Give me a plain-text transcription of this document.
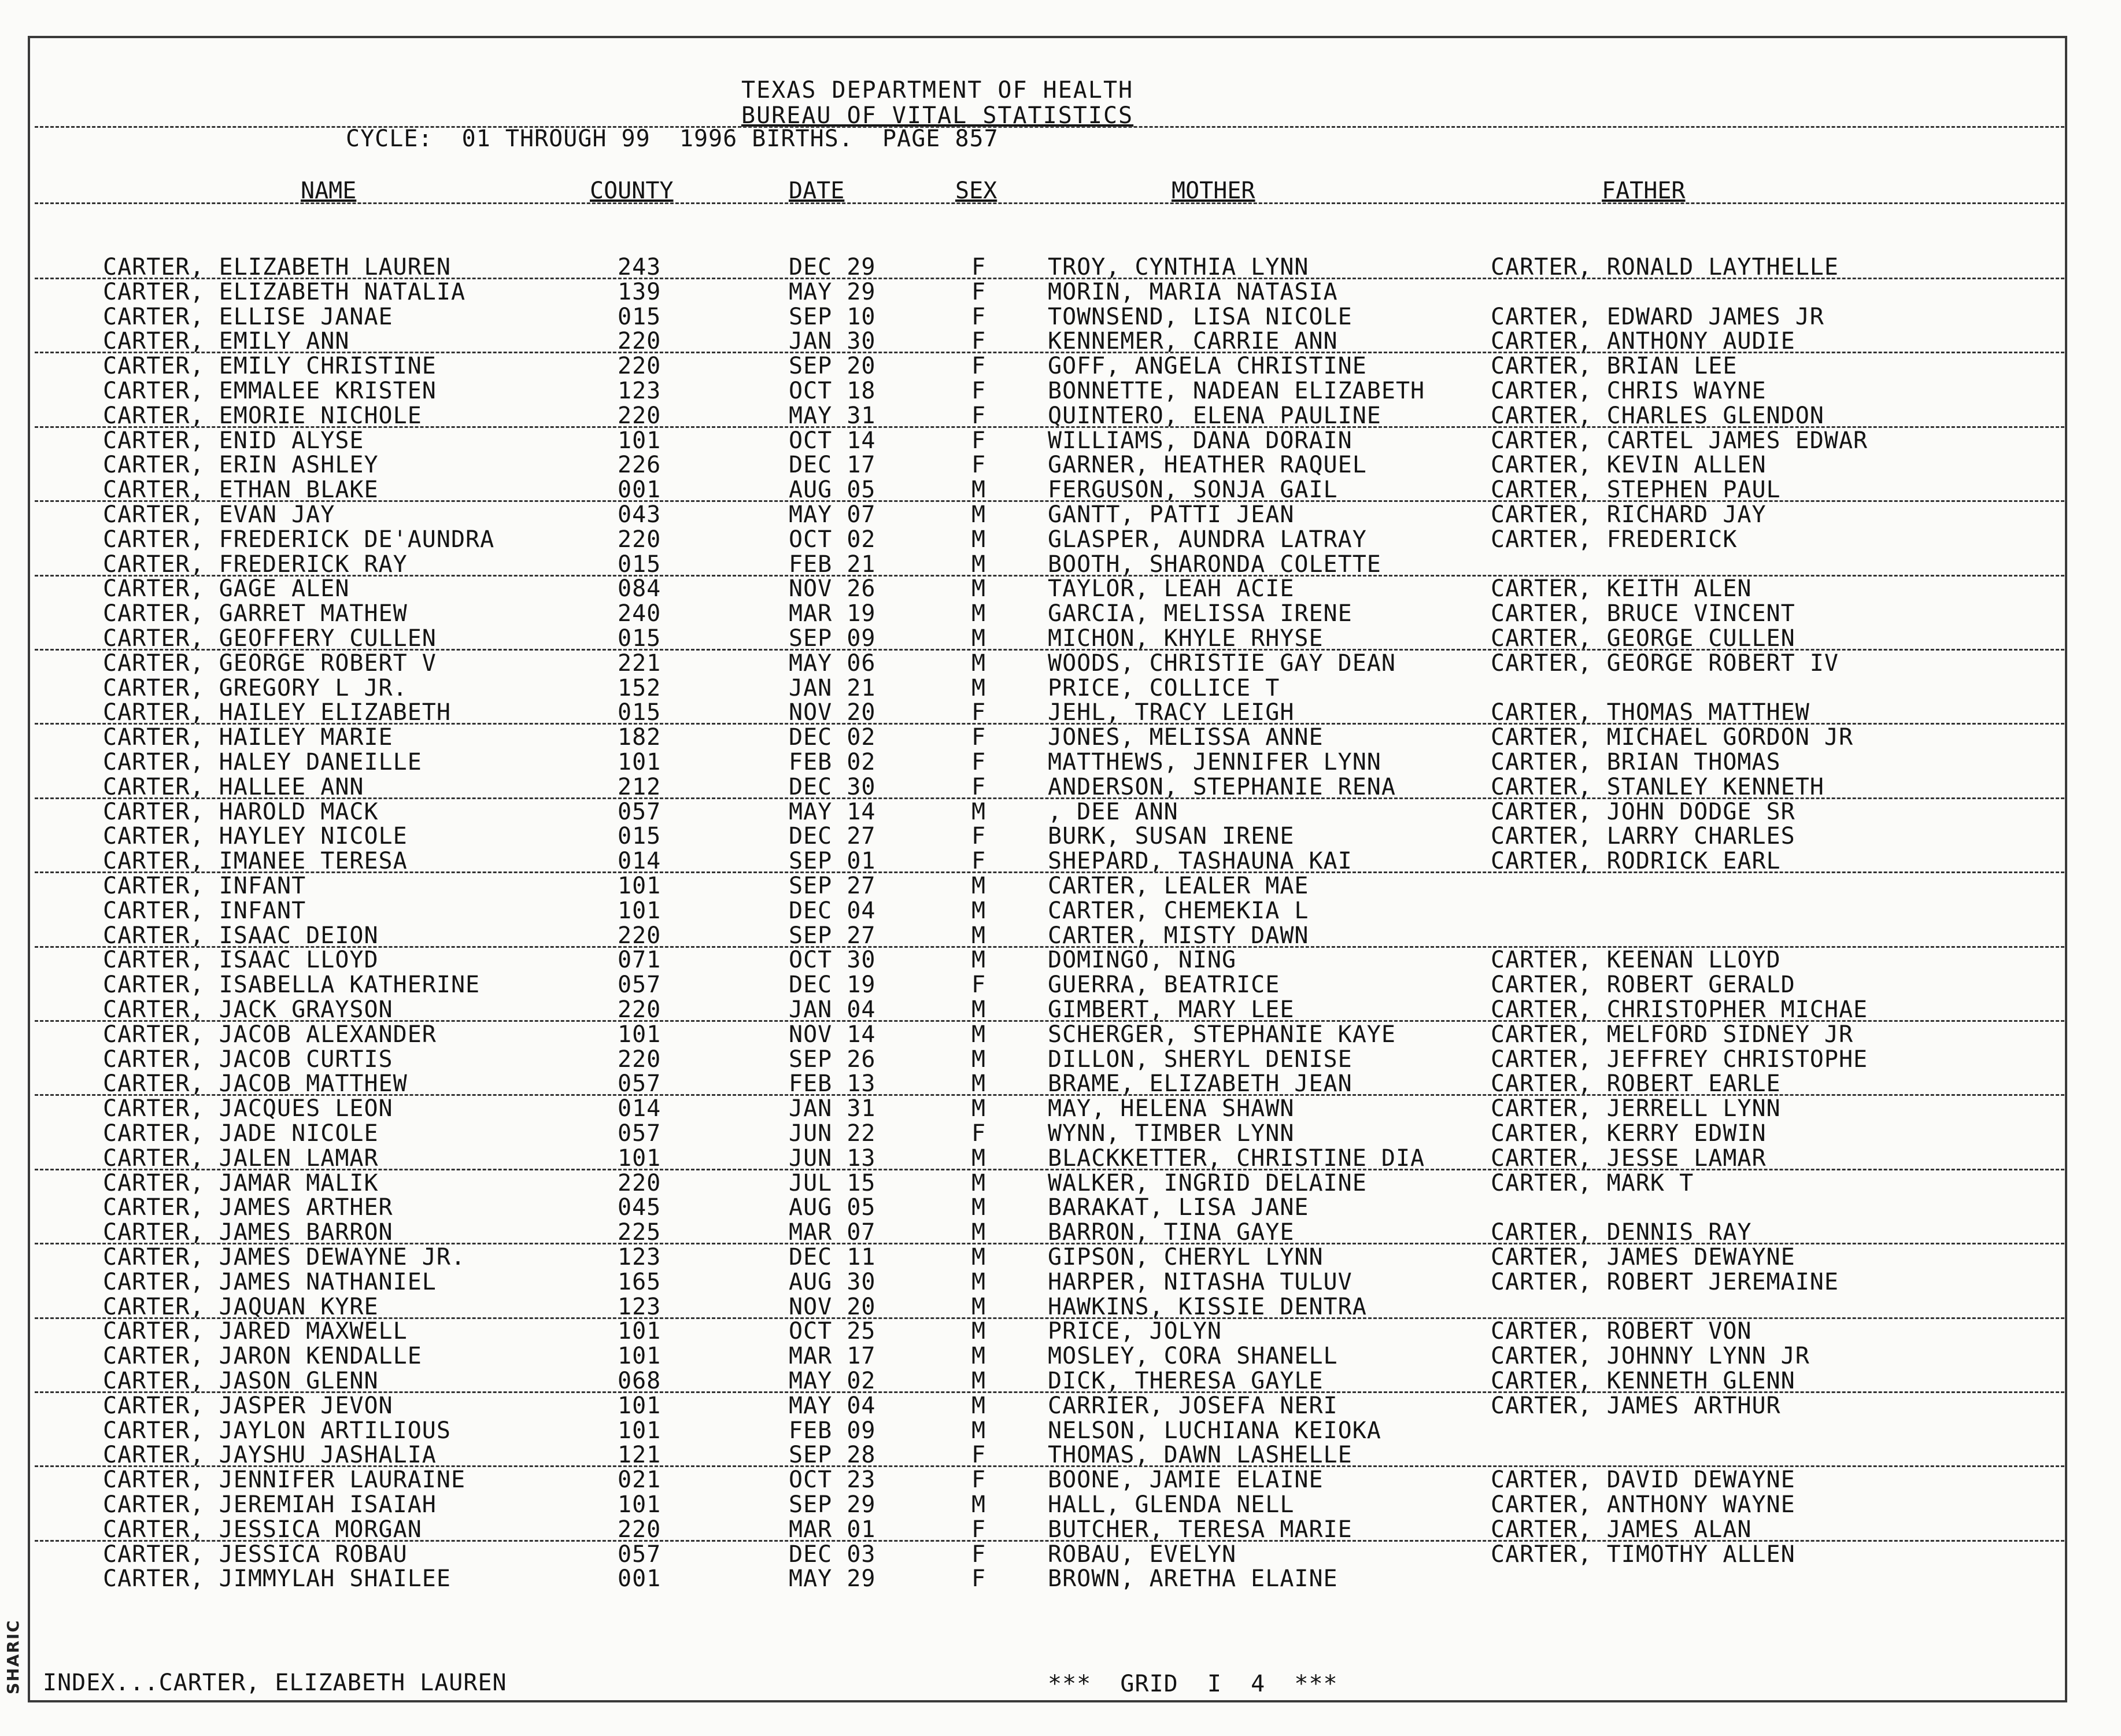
SHARIC
TEXAS DEPARTMENT OF HEALTH
BUREAU OF VITAL STATISTICS
CYCLE:  01 THROUGH 99  1996 BIRTHS.  PAGE 857
NAME	COUNTY	DATE	SEX	MOTHER	FATHER
CARTER, ELIZABETH LAUREN	243	DEC 29	F	TROY, CYNTHIA LYNN	CARTER, RONALD LAYTHELLE
CARTER, ELIZABETH NATALIA	139	MAY 29	F	MORIN, MARIA NATASIA
CARTER, ELLISE JANAE	015	SEP 10	F	TOWNSEND, LISA NICOLE	CARTER, EDWARD JAMES JR
CARTER, EMILY ANN	220	JAN 30	F	KENNEMER, CARRIE ANN	CARTER, ANTHONY AUDIE
CARTER, EMILY CHRISTINE	220	SEP 20	F	GOFF, ANGELA CHRISTINE	CARTER, BRIAN LEE
CARTER, EMMALEE KRISTEN	123	OCT 18	F	BONNETTE, NADEAN ELIZABETH	CARTER, CHRIS WAYNE
CARTER, EMORIE NICHOLE	220	MAY 31	F	QUINTERO, ELENA PAULINE	CARTER, CHARLES GLENDON
CARTER, ENID ALYSE	101	OCT 14	F	WILLIAMS, DANA DORAIN	CARTER, CARTEL JAMES EDWAR
CARTER, ERIN ASHLEY	226	DEC 17	F	GARNER, HEATHER RAQUEL	CARTER, KEVIN ALLEN
CARTER, ETHAN BLAKE	001	AUG 05	M	FERGUSON, SONJA GAIL	CARTER, STEPHEN PAUL
CARTER, EVAN JAY	043	MAY 07	M	GANTT, PATTI JEAN	CARTER, RICHARD JAY
CARTER, FREDERICK DE'AUNDRA	220	OCT 02	M	GLASPER, AUNDRA LATRAY	CARTER, FREDERICK
CARTER, FREDERICK RAY	015	FEB 21	M	BOOTH, SHARONDA COLETTE
CARTER, GAGE ALEN	084	NOV 26	M	TAYLOR, LEAH ACIE	CARTER, KEITH ALEN
CARTER, GARRET MATHEW	240	MAR 19	M	GARCIA, MELISSA IRENE	CARTER, BRUCE VINCENT
CARTER, GEOFFERY CULLEN	015	SEP 09	M	MICHON, KHYLE RHYSE	CARTER, GEORGE CULLEN
CARTER, GEORGE ROBERT V	221	MAY 06	M	WOODS, CHRISTIE GAY DEAN	CARTER, GEORGE ROBERT IV
CARTER, GREGORY L JR.	152	JAN 21	M	PRICE, COLLICE T
CARTER, HAILEY ELIZABETH	015	NOV 20	F	JEHL, TRACY LEIGH	CARTER, THOMAS MATTHEW
CARTER, HAILEY MARIE	182	DEC 02	F	JONES, MELISSA ANNE	CARTER, MICHAEL GORDON JR
CARTER, HALEY DANEILLE	101	FEB 02	F	MATTHEWS, JENNIFER LYNN	CARTER, BRIAN THOMAS
CARTER, HALLEE ANN	212	DEC 30	F	ANDERSON, STEPHANIE RENA	CARTER, STANLEY KENNETH
CARTER, HAROLD MACK	057	MAY 14	M	, DEE ANN	CARTER, JOHN DODGE SR
CARTER, HAYLEY NICOLE	015	DEC 27	F	BURK, SUSAN IRENE	CARTER, LARRY CHARLES
CARTER, IMANEE TERESA	014	SEP 01	F	SHEPARD, TASHAUNA KAI	CARTER, RODRICK EARL
CARTER, INFANT	101	SEP 27	M	CARTER, LEALER MAE
CARTER, INFANT	101	DEC 04	M	CARTER, CHEMEKIA L
CARTER, ISAAC DEION	220	SEP 27	M	CARTER, MISTY DAWN
CARTER, ISAAC LLOYD	071	OCT 30	M	DOMINGO, NING	CARTER, KEENAN LLOYD
CARTER, ISABELLA KATHERINE	057	DEC 19	F	GUERRA, BEATRICE	CARTER, ROBERT GERALD
CARTER, JACK GRAYSON	220	JAN 04	M	GIMBERT, MARY LEE	CARTER, CHRISTOPHER MICHAE
CARTER, JACOB ALEXANDER	101	NOV 14	M	SCHERGER, STEPHANIE KAYE	CARTER, MELFORD SIDNEY JR
CARTER, JACOB CURTIS	220	SEP 26	M	DILLON, SHERYL DENISE	CARTER, JEFFREY CHRISTOPHE
CARTER, JACOB MATTHEW	057	FEB 13	M	BRAME, ELIZABETH JEAN	CARTER, ROBERT EARLE
CARTER, JACQUES LEON	014	JAN 31	M	MAY, HELENA SHAWN	CARTER, JERRELL LYNN
CARTER, JADE NICOLE	057	JUN 22	F	WYNN, TIMBER LYNN	CARTER, KERRY EDWIN
CARTER, JALEN LAMAR	101	JUN 13	M	BLACKKETTER, CHRISTINE DIA	CARTER, JESSE LAMAR
CARTER, JAMAR MALIK	220	JUL 15	M	WALKER, INGRID DELAINE	CARTER, MARK T
CARTER, JAMES ARTHER	045	AUG 05	M	BARAKAT, LISA JANE
CARTER, JAMES BARRON	225	MAR 07	M	BARRON, TINA GAYE	CARTER, DENNIS RAY
CARTER, JAMES DEWAYNE JR.	123	DEC 11	M	GIPSON, CHERYL LYNN	CARTER, JAMES DEWAYNE
CARTER, JAMES NATHANIEL	165	AUG 30	M	HARPER, NITASHA TULUV	CARTER, ROBERT JEREMAINE
CARTER, JAQUAN KYRE	123	NOV 20	M	HAWKINS, KISSIE DENTRA
CARTER, JARED MAXWELL	101	OCT 25	M	PRICE, JOLYN	CARTER, ROBERT VON
CARTER, JARON KENDALLE	101	MAR 17	M	MOSLEY, CORA SHANELL	CARTER, JOHNNY LYNN JR
CARTER, JASON GLENN	068	MAY 02	M	DICK, THERESA GAYLE	CARTER, KENNETH GLENN
CARTER, JASPER JEVON	101	MAY 04	M	CARRIER, JOSEFA NERI	CARTER, JAMES ARTHUR
CARTER, JAYLON ARTILIOUS	101	FEB 09	M	NELSON, LUCHIANA KEIOKA
CARTER, JAYSHU JASHALIA	121	SEP 28	F	THOMAS, DAWN LASHELLE
CARTER, JENNIFER LAURAINE	021	OCT 23	F	BOONE, JAMIE ELAINE	CARTER, DAVID DEWAYNE
CARTER, JEREMIAH ISAIAH	101	SEP 29	M	HALL, GLENDA NELL	CARTER, ANTHONY WAYNE
CARTER, JESSICA MORGAN	220	MAR 01	F	BUTCHER, TERESA MARIE	CARTER, JAMES ALAN
CARTER, JESSICA ROBAU	057	DEC 03	F	ROBAU, EVELYN	CARTER, TIMOTHY ALLEN
CARTER, JIMMYLAH SHAILEE	001	MAY 29	F	BROWN, ARETHA ELAINE
INDEX...CARTER, ELIZABETH LAUREN	***  GRID  I  4  ***
